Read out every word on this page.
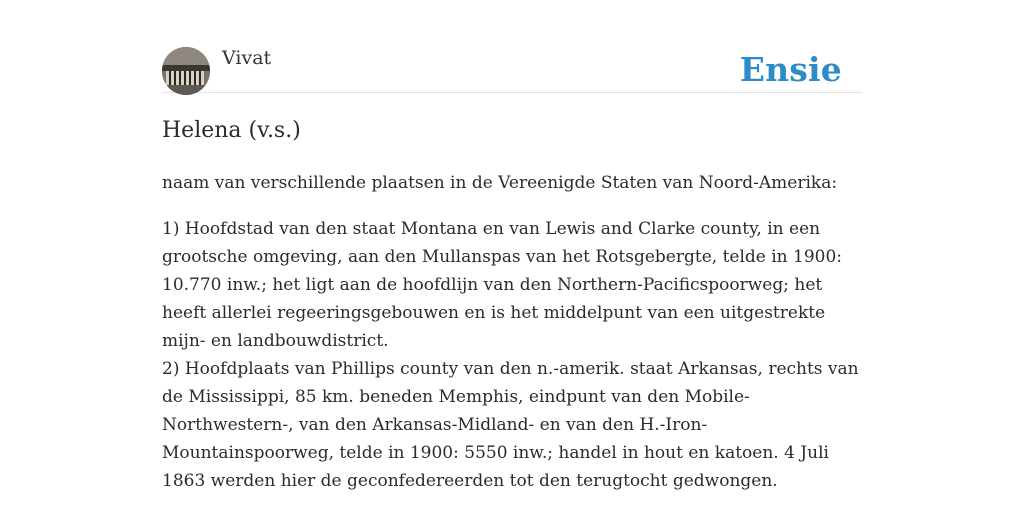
Vivat	Ensie
Helena (v.s.)

naam van verschillende plaatsen in de Vereenigde Staten van Noord-Amerika:

1) Hoofdstad van den staat Montana en van Lewis and Clarke county, in een grootsche omgeving, aan den Mullanspas van het Rotsgebergte, telde in 1900: 10.770 inw.; het ligt aan de hoofdlijn van den Northern-Pacificspoorweg; het heeft allerlei regeeringsgebouwen en is het middelpunt van een uitgestrekte mijn- en landbouwdistrict.

2) Hoofdplaats van Phillips county van den n.-amerik. staat Arkansas, rechts van de Mississippi, 85 km. beneden Memphis, eindpunt van den Mobile-Northwestern-, van den Arkansas-Midland- en van den H.-Iron-Mountainspoorweg, telde in 1900: 5550 inw.; handel in hout en katoen. 4 Juli 1863 werden hier de geconfedereerden tot den terugtocht gedwongen.
